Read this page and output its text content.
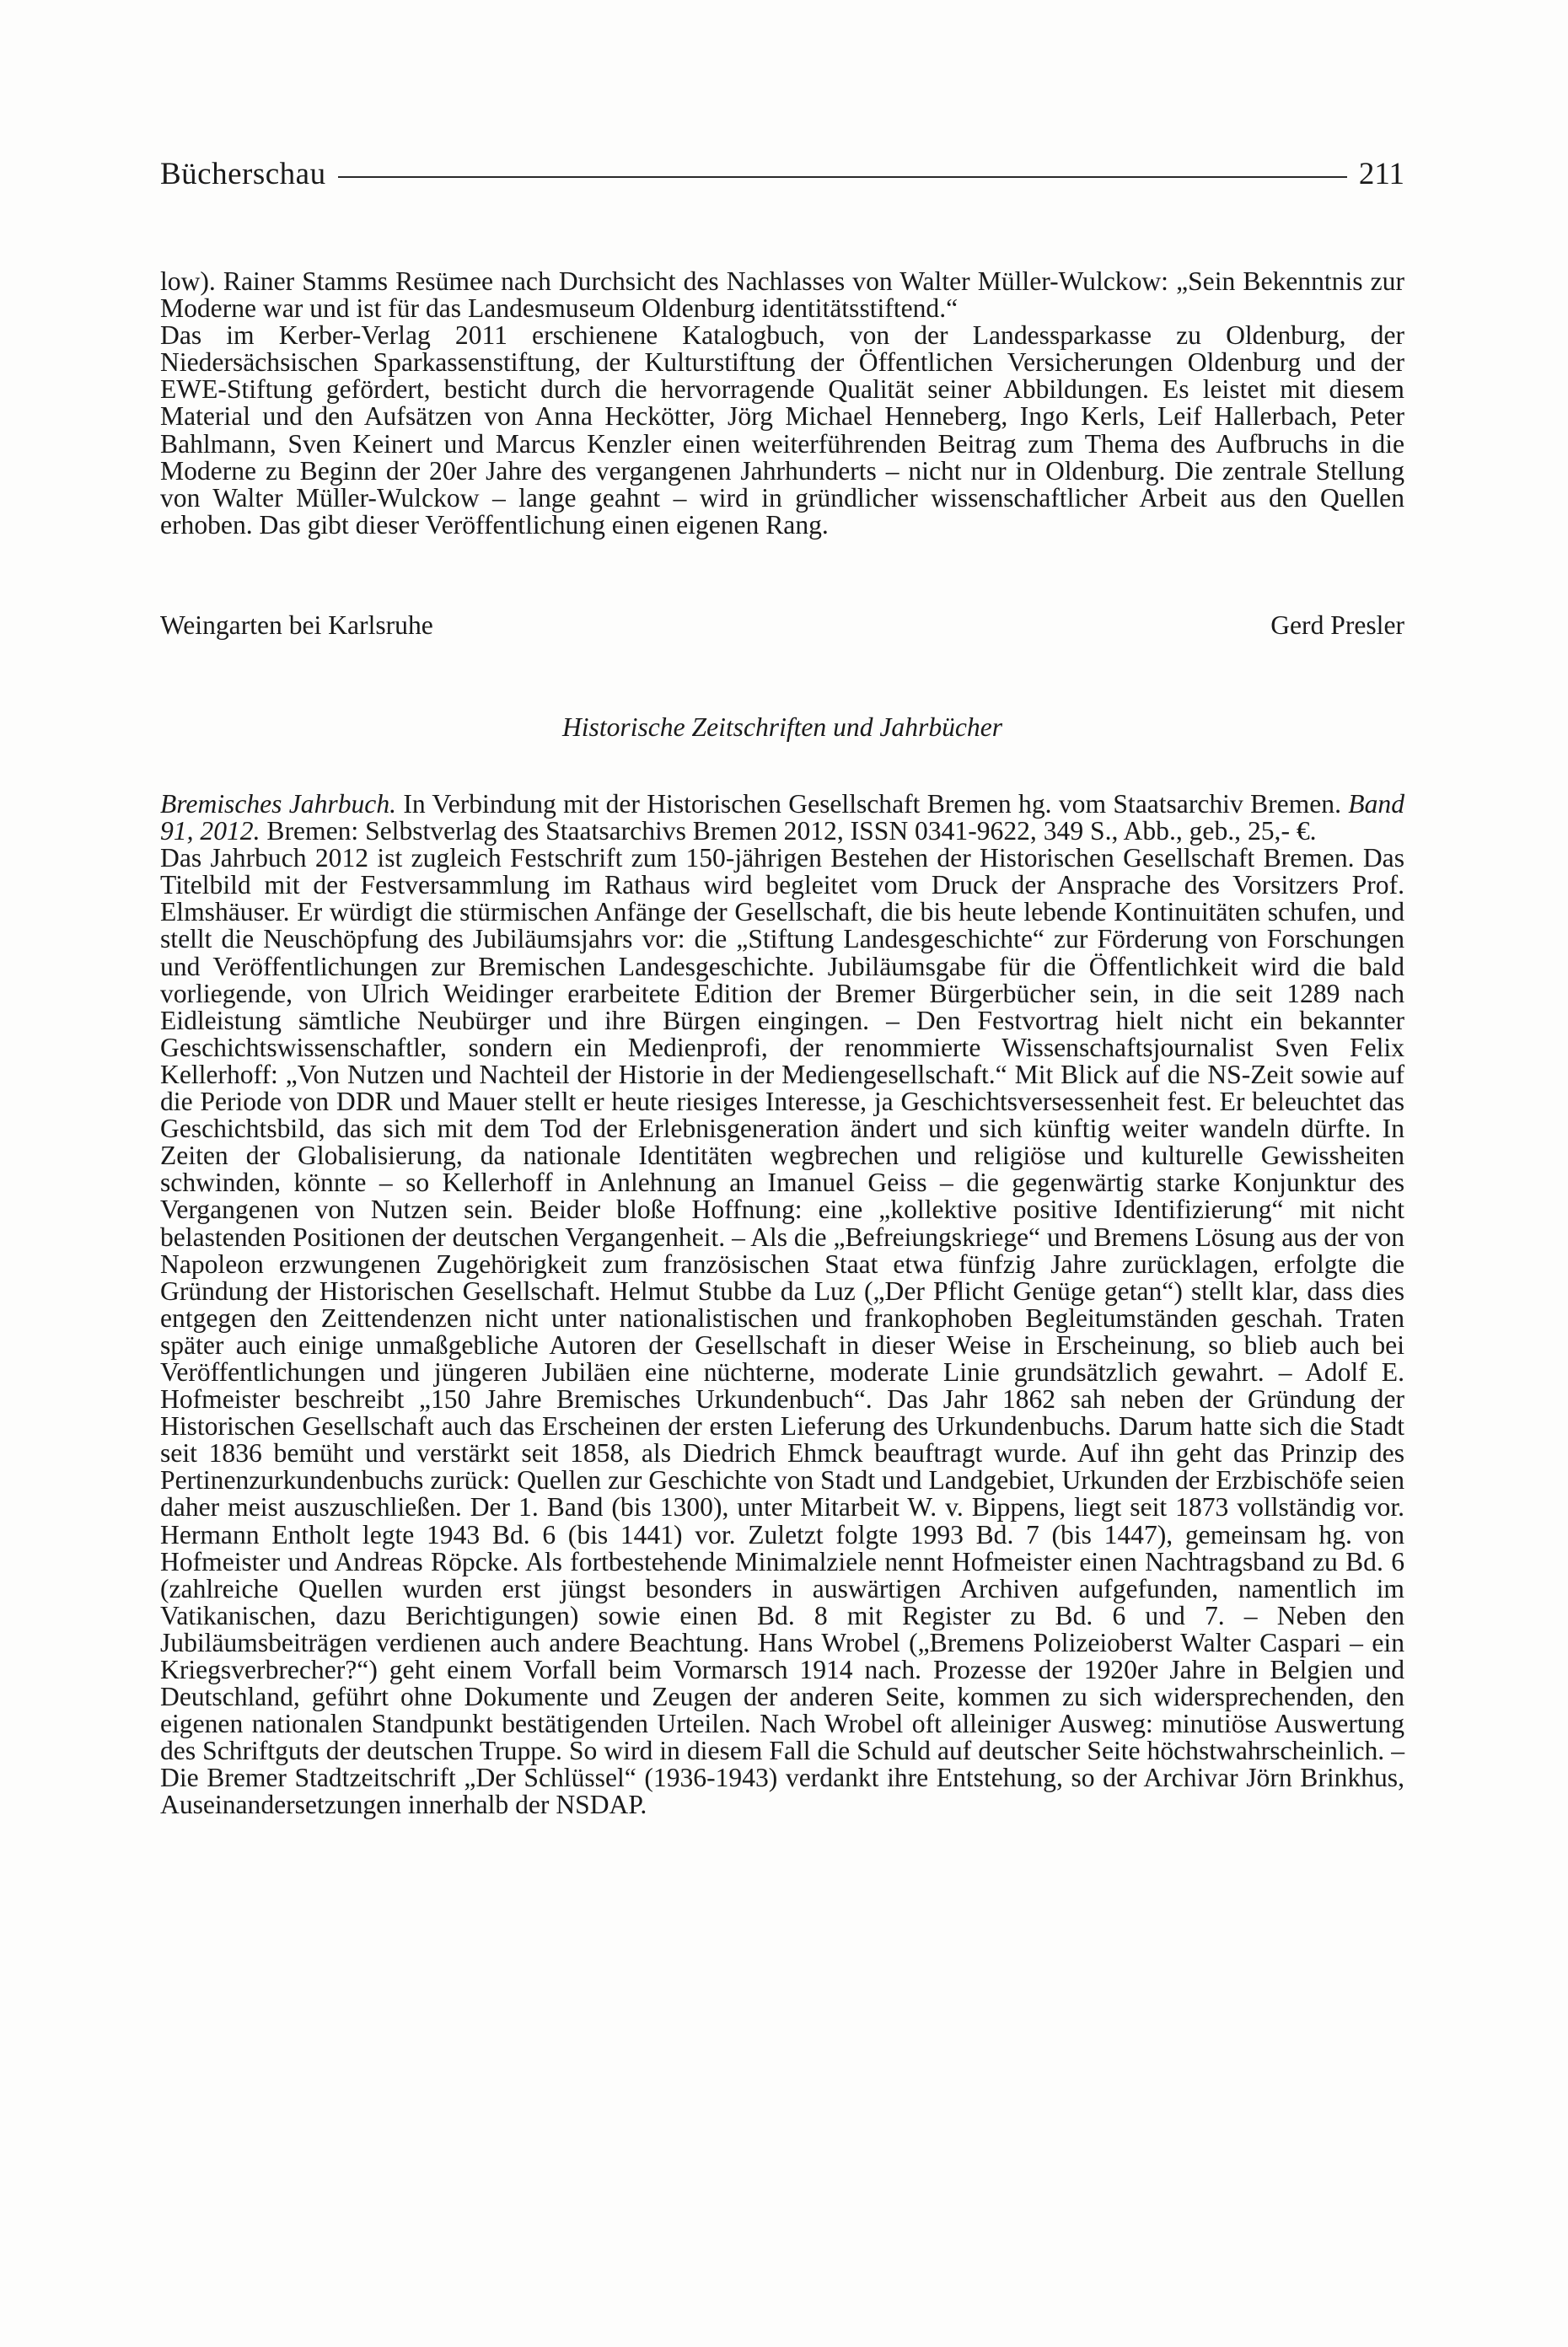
Bücherschau	211

low). Rainer Stamms Resümee nach Durchsicht des Nachlasses von Walter Müller-Wulckow: „Sein Bekenntnis zur Moderne war und ist für das Landesmuseum Oldenburg identitätsstiftend.“

Das im Kerber-Verlag 2011 erschienene Katalogbuch, von der Landessparkasse zu Oldenburg, der Niedersächsischen Sparkassenstiftung, der Kulturstiftung der Öffentlichen Versicherungen Oldenburg und der EWE-Stiftung gefördert, besticht durch die hervorragende Qualität seiner Abbildungen. Es leistet mit diesem Material und den Aufsätzen von Anna Heckötter, Jörg Michael Henneberg, Ingo Kerls, Leif Hallerbach, Peter Bahlmann, Sven Keinert und Marcus Kenzler einen weiterführenden Beitrag zum Thema des Aufbruchs in die Moderne zu Beginn der 20er Jahre des vergangenen Jahrhunderts – nicht nur in Oldenburg. Die zentrale Stellung von Walter Müller-Wulckow – lange geahnt – wird in gründlicher wissenschaftlicher Arbeit aus den Quellen erhoben. Das gibt dieser Veröffentlichung einen eigenen Rang.

Weingarten bei Karlsruhe	Gerd Presler
Historische Zeitschriften und Jahrbücher

Bremisches Jahrbuch. In Verbindung mit der Historischen Gesellschaft Bremen hg. vom Staatsarchiv Bremen. Band 91, 2012. Bremen: Selbstverlag des Staatsarchivs Bremen 2012, ISSN 0341-9622, 349 S., Abb., geb., 25,- €.

Das Jahrbuch 2012 ist zugleich Festschrift zum 150-jährigen Bestehen der Historischen Gesellschaft Bremen. Das Titelbild mit der Festversammlung im Rathaus wird begleitet vom Druck der Ansprache des Vorsitzers Prof. Elmshäuser. Er würdigt die stürmischen Anfänge der Gesellschaft, die bis heute lebende Kontinuitäten schufen, und stellt die Neuschöpfung des Jubiläumsjahrs vor: die „Stiftung Landesgeschichte“ zur Förderung von Forschungen und Veröffentlichungen zur Bremischen Landesgeschichte. Jubiläumsgabe für die Öffentlichkeit wird die bald vorliegende, von Ulrich Weidinger erarbeitete Edition der Bremer Bürgerbücher sein, in die seit 1289 nach Eidleistung sämtliche Neubürger und ihre Bürgen eingingen. – Den Festvortrag hielt nicht ein bekannter Geschichtswissenschaftler, sondern ein Medienprofi, der renommierte Wissenschaftsjournalist Sven Felix Kellerhoff: „Von Nutzen und Nachteil der Historie in der Mediengesellschaft.“ Mit Blick auf die NS-Zeit sowie auf die Periode von DDR und Mauer stellt er heute riesiges Interesse, ja Geschichtsversessenheit fest. Er beleuchtet das Geschichtsbild, das sich mit dem Tod der Erlebnisgeneration ändert und sich künftig weiter wandeln dürfte. In Zeiten der Globalisierung, da nationale Identitäten wegbrechen und religiöse und kulturelle Gewissheiten schwinden, könnte – so Kellerhoff in Anlehnung an Imanuel Geiss – die gegenwärtig starke Konjunktur des Vergangenen von Nutzen sein. Beider bloße Hoffnung: eine „kollektive positive Identifizierung“ mit nicht belastenden Positionen der deutschen Vergangenheit. – Als die „Befreiungskriege“ und Bremens Lösung aus der von Napoleon erzwungenen Zugehörigkeit zum französischen Staat etwa fünfzig Jahre zurücklagen, erfolgte die Gründung der Historischen Gesellschaft. Helmut Stubbe da Luz („Der Pflicht Genüge getan“) stellt klar, dass dies entgegen den Zeittendenzen nicht unter nationalistischen und frankophoben Begleitumständen geschah. Traten später auch einige unmaßgebliche Autoren der Gesellschaft in dieser Weise in Erscheinung, so blieb auch bei Veröffentlichungen und jüngeren Jubiläen eine nüchterne, moderate Linie grundsätzlich gewahrt. – Adolf E. Hofmeister beschreibt „150 Jahre Bremisches Urkundenbuch“. Das Jahr 1862 sah neben der Gründung der Historischen Gesellschaft auch das Erscheinen der ersten Lieferung des Urkundenbuchs. Darum hatte sich die Stadt seit 1836 bemüht und verstärkt seit 1858, als Diedrich Ehmck beauftragt wurde. Auf ihn geht das Prinzip des Pertinenzurkundenbuchs zurück: Quellen zur Geschichte von Stadt und Landgebiet, Urkunden der Erzbischöfe seien daher meist auszuschließen. Der 1. Band (bis 1300), unter Mitarbeit W. v. Bippens, liegt seit 1873 vollständig vor. Hermann Entholt legte 1943 Bd. 6 (bis 1441) vor. Zuletzt folgte 1993 Bd. 7 (bis 1447), gemeinsam hg. von Hofmeister und Andreas Röpcke. Als fortbestehende Minimalziele nennt Hofmeister einen Nachtragsband zu Bd. 6 (zahlreiche Quellen wurden erst jüngst besonders in auswärtigen Archiven aufgefunden, namentlich im Vatikanischen, dazu Berichtigungen) sowie einen Bd. 8 mit Register zu Bd. 6 und 7. – Neben den Jubiläumsbeiträgen verdienen auch andere Beachtung. Hans Wrobel („Bremens Polizeioberst Walter Caspari – ein Kriegsverbrecher?“) geht einem Vorfall beim Vormarsch 1914 nach. Prozesse der 1920er Jahre in Belgien und Deutschland, geführt ohne Dokumente und Zeugen der anderen Seite, kommen zu sich widersprechenden, den eigenen nationalen Standpunkt bestätigenden Urteilen. Nach Wrobel oft alleiniger Ausweg: minutiöse Auswertung des Schriftguts der deutschen Truppe. So wird in diesem Fall die Schuld auf deutscher Seite höchstwahrscheinlich. – Die Bremer Stadtzeitschrift „Der Schlüssel“ (1936-1943) verdankt ihre Entstehung, so der Archivar Jörn Brinkhus, Auseinandersetzungen innerhalb der NSDAP.
